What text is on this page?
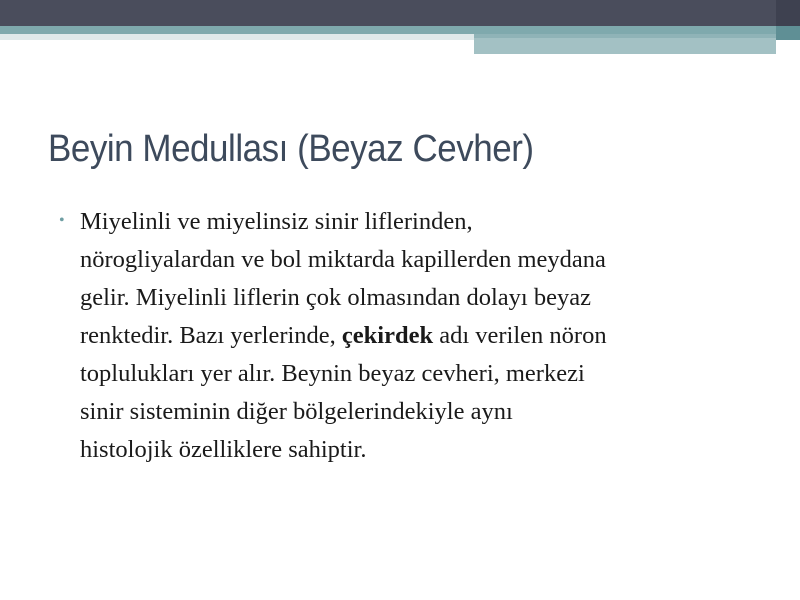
Beyin Medullası (Beyaz Cevher)
• Miyelinli ve miyelinsiz sinir liflerinden,
nörogliyalardan ve bol miktarda kapillerden meydana
gelir. Miyelinli liflerin çok olmasından dolayı beyaz
renktedir. Bazı yerlerinde, çekirdek adı verilen nöron
toplulukları yer alır. Beynin beyaz cevheri, merkezi
sinir sisteminin diğer bölgelerindekiyle aynı
histolojik özelliklere sahiptir.
